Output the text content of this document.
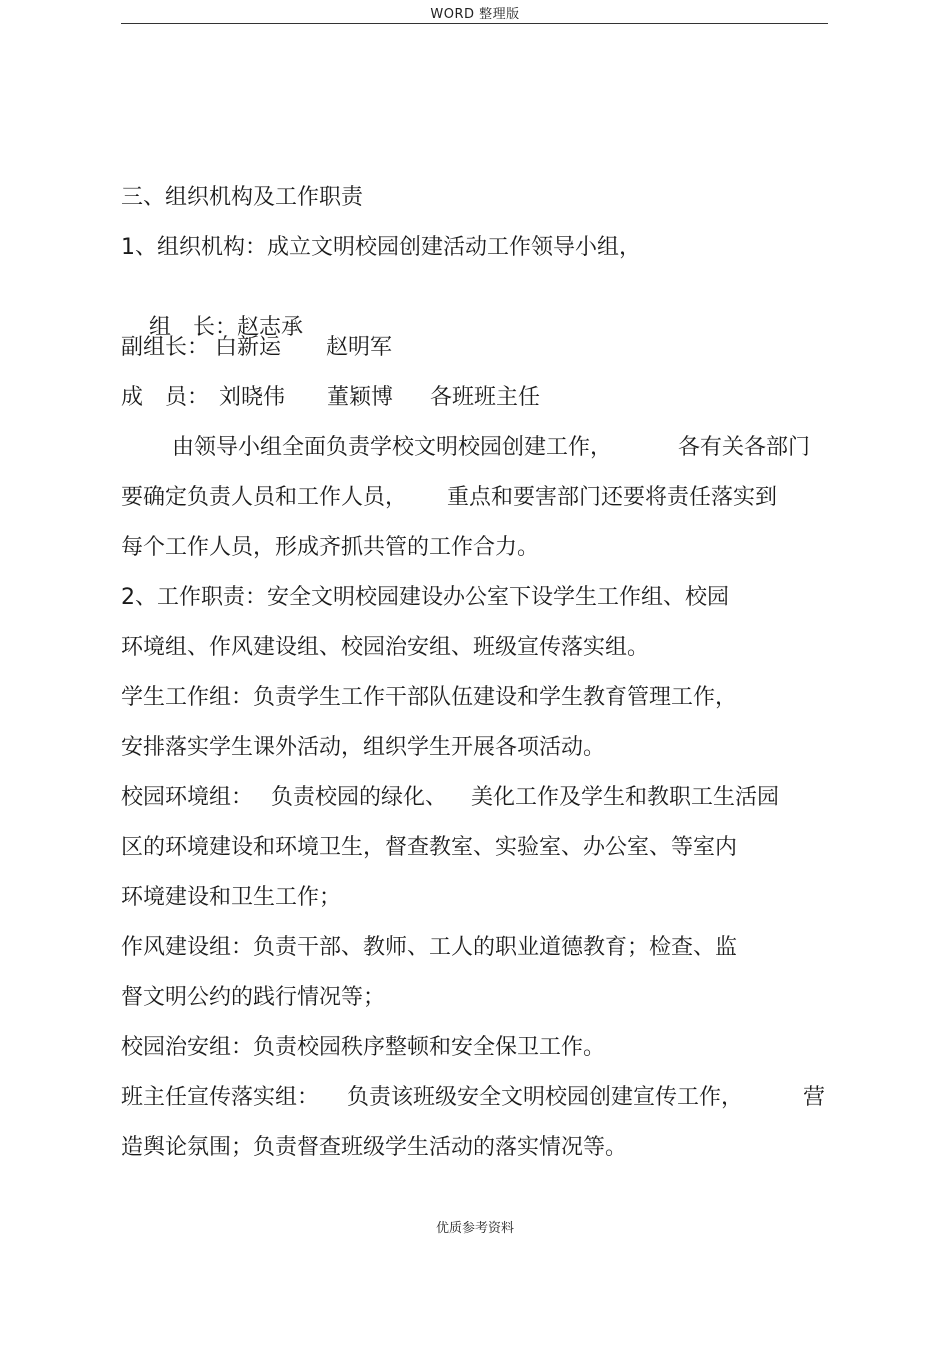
WORD 整理版
三、组织机构及工作职责
1、组织机构：成立文明校园创建活动工作领导小组，

组　长：赵志承

副组长： 白新运 赵明军
成　员： 刘晓伟 董颖博 各班班主任
由领导小组全面负责学校文明校园创建工作，	各有关各部门
要确定负责人员和工作人员， 重点和要害部门还要将责任落实到
每个工作人员，形成齐抓共管的工作合力。
2、工作职责：安全文明校园建设办公室下设学生工作组、校园
环境组、作风建设组、校园治安组、班级宣传落实组。
学生工作组：负责学生工作干部队伍建设和学生教育管理工作，
安排落实学生课外活动，组织学生开展各项活动。
校园环境组： 负责校园的绿化、 美化工作及学生和教职工生活园
区的环境建设和环境卫生，督查教室、实验室、办公室、等室内
环境建设和卫生工作；
作风建设组：负责干部、教师、工人的职业道德教育；检查、监
督文明公约的践行情况等；
校园治安组：负责校园秩序整顿和安全保卫工作。
班主任宣传落实组： 负责该班级安全文明校园创建宣传工作，	营
造舆论氛围；负责督查班级学生活动的落实情况等。
优质参考资料
